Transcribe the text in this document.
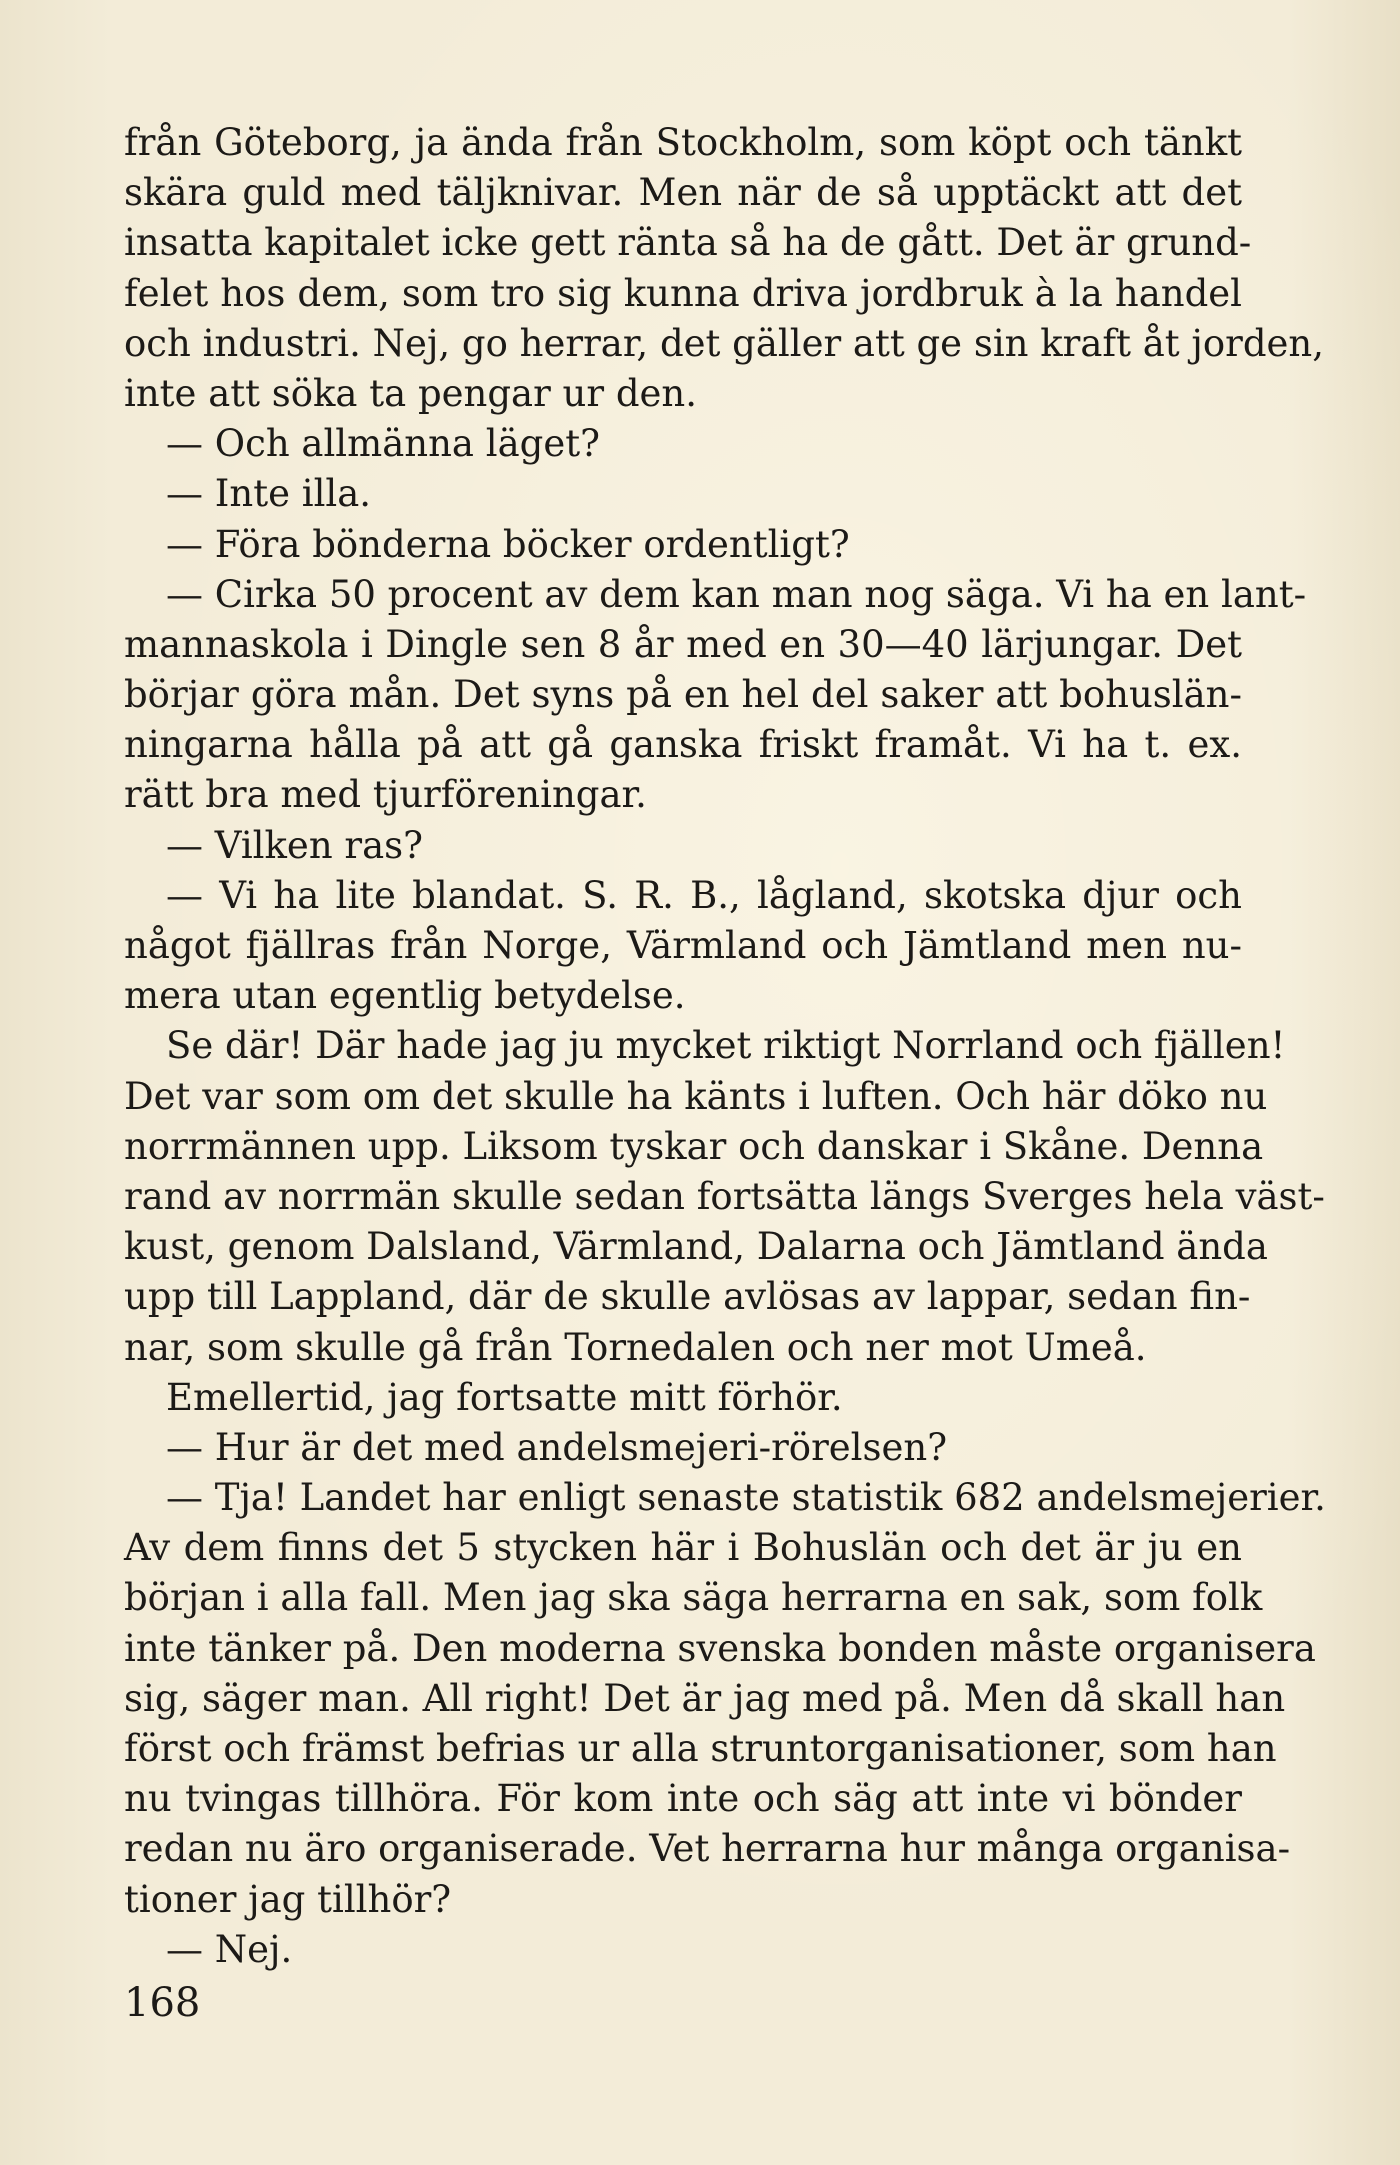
från Göteborg, ja ända från Stockholm, som köpt och tänkt
skära guld med täljknivar. Men när de så upptäckt att det
insatta kapitalet icke gett ränta så ha de gått. Det är grund-
felet hos dem, som tro sig kunna driva jordbruk à la handel
och industri. Nej, go herrar, det gäller att ge sin kraft åt jorden,
inte att söka ta pengar ur den.
— Och allmänna läget?
— Inte illa.
— Föra bönderna böcker ordentligt?
— Cirka 50 procent av dem kan man nog säga. Vi ha en lant-
mannaskola i Dingle sen 8 år med en 30—40 lärjungar. Det
börjar göra mån. Det syns på en hel del saker att bohuslän-
ningarna hålla på att gå ganska friskt framåt. Vi ha t. ex.
rätt bra med tjurföreningar.
— Vilken ras?
— Vi ha lite blandat. S. R. B., lågland, skotska djur och
något fjällras från Norge, Värmland och Jämtland men nu-
mera utan egentlig betydelse.
Se där! Där hade jag ju mycket riktigt Norrland och fjällen!
Det var som om det skulle ha känts i luften. Och här döko nu
norrmännen upp. Liksom tyskar och danskar i Skåne. Denna
rand av norrmän skulle sedan fortsätta längs Sverges hela väst-
kust, genom Dalsland, Värmland, Dalarna och Jämtland ända
upp till Lappland, där de skulle avlösas av lappar, sedan fin-
nar, som skulle gå från Tornedalen och ner mot Umeå.
Emellertid, jag fortsatte mitt förhör.
— Hur är det med andelsmejeri-rörelsen?
— Tja! Landet har enligt senaste statistik 682 andelsmejerier.
Av dem finns det 5 stycken här i Bohuslän och det är ju en
början i alla fall. Men jag ska säga herrarna en sak, som folk
inte tänker på. Den moderna svenska bonden måste organisera
sig, säger man. All right! Det är jag med på. Men då skall han
först och främst befrias ur alla struntorganisationer, som han
nu tvingas tillhöra. För kom inte och säg att inte vi bönder
redan nu äro organiserade. Vet herrarna hur många organisa-
tioner jag tillhör?
— Nej.
168
